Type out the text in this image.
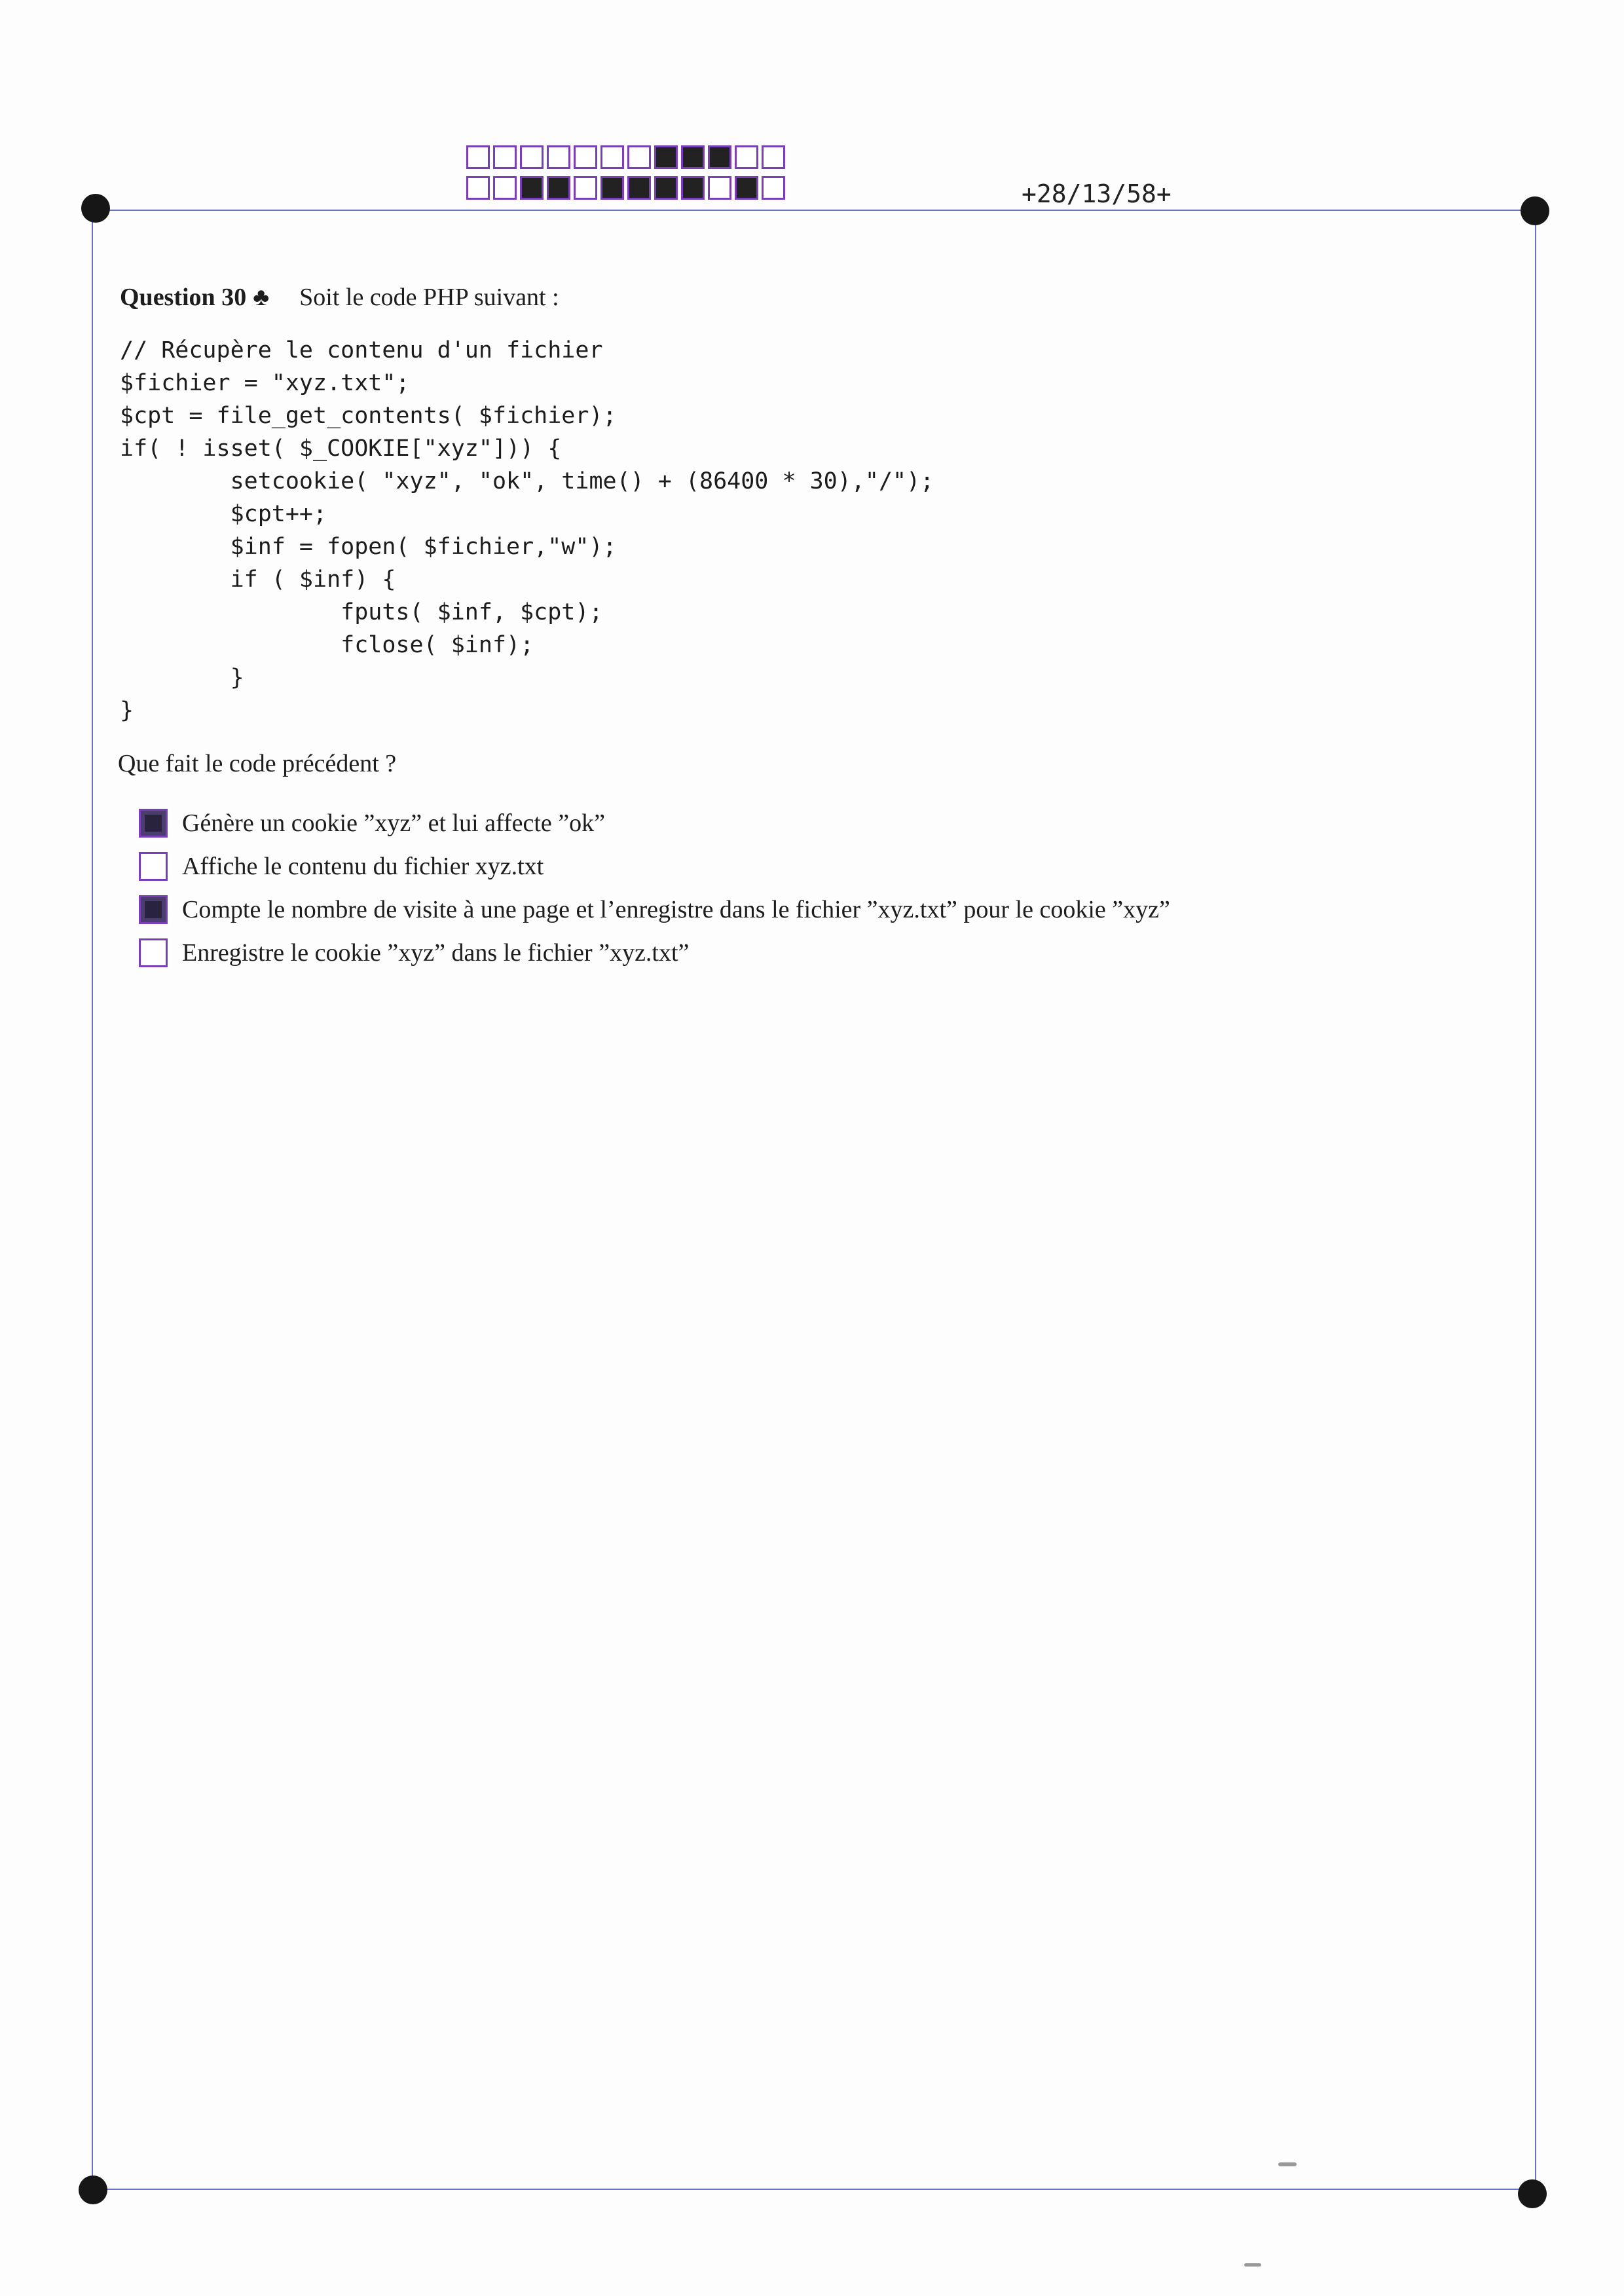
+28/13/58+
Question 30 ♣ Soit le code PHP suivant :
// Récupère le contenu d'un fichier
$fichier = "xyz.txt";
$cpt = file_get_contents( $fichier);
if( ! isset( $_COOKIE["xyz"])) {
setcookie( "xyz", "ok", time() + (86400 * 30),"/");
$cpt++;
$inf = fopen( $fichier,"w");
if ( $inf) {
fputs( $inf, $cpt);
fclose( $inf);
}
}
Que fait le code précédent ?
Génère un cookie ”xyz” et lui affecte ”ok”
Affiche le contenu du fichier xyz.txt
Compte le nombre de visite à une page et l’enregistre dans le fichier ”xyz.txt” pour le cookie ”xyz”
Enregistre le cookie ”xyz” dans le fichier ”xyz.txt”
